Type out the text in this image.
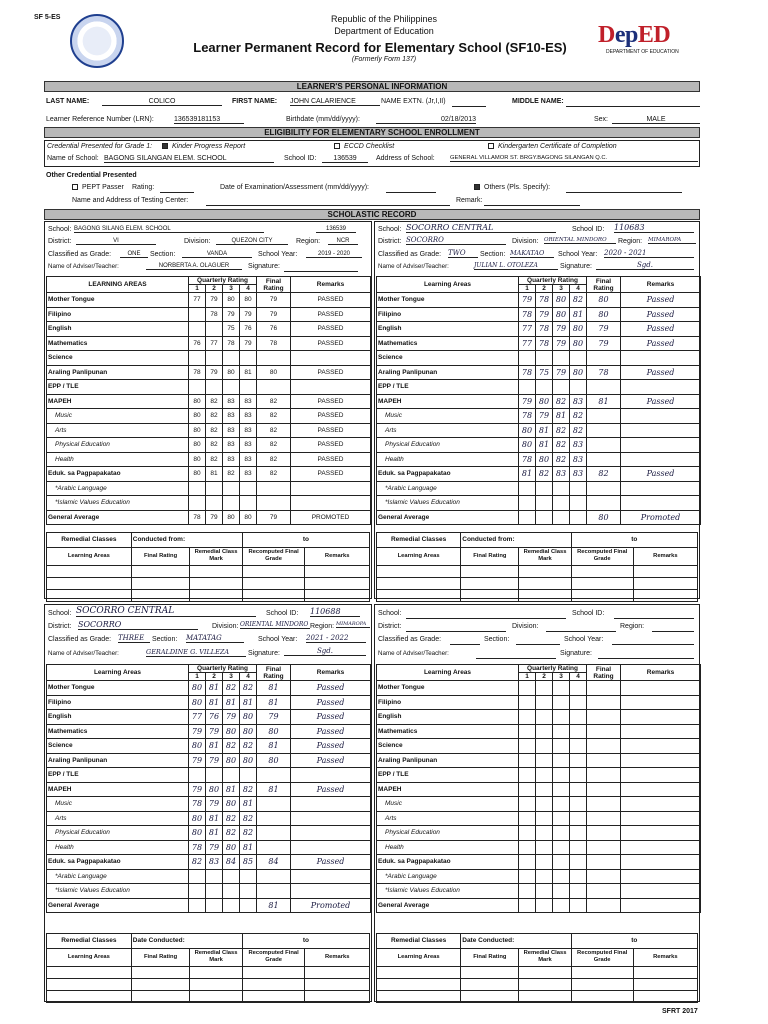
SF 5-ES	Republic of the Philippines
Department of Education
Learner Permanent Record for Elementary School (SF10-ES)
(Formerly Form 137)
DepED
DEPARTMENT OF EDUCATION
LEARNER'S PERSONAL INFORMATION
LAST NAME:	COLICO	FIRST NAME: JOHN CALARIENCE	NAME EXTN. (Jr,I,II)	MIDDLE NAME:
Learner Reference Number (LRN):	136539181153	Birthdate (mm/dd/yyyy):	02/18/2013	Sex:	MALE
ELIGIBILITY FOR ELEMENTARY SCHOOL ENROLLMENT
Credential Presented for Grade 1:	Kinder Progress Report	ECCD Checklist	Kindergarten Certificate of Completion
Name of School: BAGONG SILANGAN ELEM. SCHOOL	School ID:	136539	Address of School:	GENERAL VILLAMOR ST. BRGY.BAGONG SILANGAN Q.C.
Other Credential Presented
PEPT Passer Rating:	Date of Examination/Assessment (mm/dd/yyyy):	Others (Pls. Specify):
Name and Address of Testing Center:	Remark:
SCHOLASTIC RECORD
School: BAGONG SILANG ELEM. SCHOOL	136539
District:	VI	Division:	QUEZON CITY	Region:	NCR
Classified as Grade:	ONE	Section:	VANDA	School Year:	2019 - 2020
Name of Adviser/Teacher:	NORBERTA A. OLAGUER	Signature:
LEARNING AREAS	Quarterly Rating				Final Rating	Remarks
	1	2	3	4		
Mother Tongue	77	79	80	80	79	PASSED
Filipino		78	79	79	79	PASSED
English			75	76	76	PASSED
Mathematics	76	77	78	79	78	PASSED
Science						
Araling Panlipunan	78	79	80	81	80	PASSED
EPP / TLE						
MAPEH	80	82	83	83	82	PASSED
Music	80	82	83	83	82	PASSED
Arts	80	82	83	83	82	PASSED
Physical Education	80	82	83	83	82	PASSED
Health	80	82	83	83	82	PASSED
Eduk. sa Pagpapakatao	80	81	82	83	82	PASSED
*Arabic Language						
*Islamic Values Education						
General Average	78	79	80	80	79	PROMOTED
Remedial Classes	Conducted from:		to	
Learning Areas	Final Rating	Remedial Class Mark	Recomputed Final Grade	Remarks

School: SOCORRO CENTRAL	School ID: 110683
District: SOCORRO	Division: ORIENTAL MINDORO	Region: MIMAROPA
Classified as Grade: TWO	Section: MAKATAO	School Year: 2020 - 2021
Name of Adviser/Teacher:	JULIAN L. OTOLEZA	Signature:	Sgd.
Learning Areas	Quarterly Rating				Final Rating	Remarks
	1	2	3	4		
Mother Tongue	79	78	80	82	80	Passed
Filipino	78	79	80	81	80	Passed
English	77	78	79	80	79	Passed
Mathematics	77	78	79	80	79	Passed
Science						
Araling Panlipunan	78	75	79	80	78	Passed
EPP / TLE						
MAPEH	79	80	82	83	81	Passed
Music	78	79	81	82		
Arts	80	81	82	82		
Physical Education	80	81	82	83		
Health	78	80	82	83		
Eduk. sa Pagpapakatao	81	82	83	83	82	Passed
*Arabic Language						
*Islamic Values Education						
General Average					80	Promoted
Remedial Classes	Conducted from:		to	
Learning Areas	Final Rating	Remedial Class Mark	Recomputed Final Grade	Remarks

School: SOCORRO CENTRAL	School ID: 110688
District: SOCORRO	Division: ORIENTAL MINDORO Region: MIMAROPA
Classified as Grade: THREE	Section: MATATAG	School Year: 2021 - 2022
Name of Adviser/Teacher:	GERALDINE G. VILLEZA	Signature:	Sgd.
Learning Areas	Quarterly Rating				Final Rating	Remarks
	1	2	3	4		
Mother Tongue	80	81	82	82	81	Passed
Filipino	80	81	81	81	81	Passed
English	77	76	79	80	79	Passed
Mathematics	79	79	80	80	80	Passed
Science	80	81	82	82	81	Passed
Araling Panlipunan	79	79	80	80	80	Passed
EPP / TLE						
MAPEH	79	80	81	82	81	Passed
Music	78	79	80	81		
Arts	80	81	82	82		
Physical Education	80	81	82	82		
Health	78	79	80	81		
Eduk. sa Pagpapakatao	82	83	84	85	84	Passed
*Arabic Language						
*Islamic Values Education						
General Average					81	Promoted
Remedial Classes	Date Conducted:		to	
Learning Areas	Final Rating	Remedial Class Mark	Recomputed Final Grade	Remarks

School:	School ID:
District:	Division:	Region:
Classified as Grade:	Section:	School Year:
Name of Adviser/Teacher:	Signature:
Learning Areas	Quarterly Rating				Final Rating	Remarks
	1	2	3	4		
Mother Tongue						
Filipino						
English						
Mathematics						
Science						
Araling Panlipunan						
EPP / TLE						
MAPEH						
Music						
Arts						
Physical Education						
Health						
Eduk. sa Pagpapakatao						
*Arabic Language						
*Islamic Values Education						
General Average						
Remedial Classes	Date Conducted:		to	
Learning Areas	Final Rating	Remedial Class Mark	Recomputed Final Grade	Remarks

SFRT 2017
